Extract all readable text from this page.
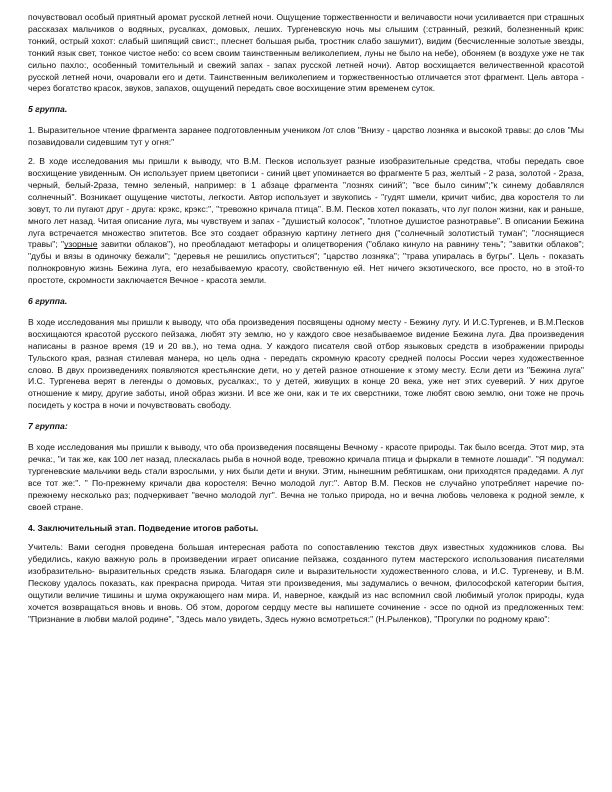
почувствовал особый приятный аромат русской летней ночи. Ощущение торжественности и величавости ночи усиливается при страшных рассказах мальчиков о водяных, русалках, домовых, леших. Тургеневскую ночь мы слышим (:странный, резкий, болезненный крик: тонкий, острый хохот: слабый шипящий свист:, плеснет большая рыба, тростник слабо зашумит), видим (бесчисленные золотые звезды, тонкий язык свет, тонкое чистое небо: со всем своим таинственным великолепием, луны не было на небе), обоняем (в воздухе уже не так сильно пахло:, особенный томительный и свежий запах - запах русской летней ночи). Автор восхищается величественной красотой русской летней ночи, очаровали его и дети. Таинственным великолепием и торжественностью отличается этот фрагмент. Цель автора - через богатство красок, звуков, запахов, ощущений передать свое восхищение этим временем суток.

5 группа.

1. Выразительное чтение фрагмента заранее подготовленным учеником /от слов "Внизу - царство лозняка и высокой травы: до слов "Мы позавидовали сидевшим тут у огня:"

2. В ходе исследования мы пришли к выводу, что В.М. Песков использует разные изобразительные средства, чтобы передать свое восхищение увиденным. Он использует прием цветописи - синий цвет упоминается во фрагменте 5 раз, желтый - 2 раза, золотой - 2раза, черный, белый-2раза, темно зеленый, например: в 1 абзаце фрагмента "лознях синий"; "все было синим";"к синему добавлялся солнечный". Возникает ощущение чистоты, легкости. Автор использует и звукопись - "гудят шмели, кричит чибис, два коростеля то ли зовут, то ли пугают друг - друга: крэкс, крэкс:", "тревожно кричала птица". В.М. Песков хотел показать, что луг полон жизни, как и раньше, много лет назад. Читая описание луга, мы чувствуем и запах - "душистый колосок", "плотное душистое разнотравье". В описании Бежина луга встречается множество эпитетов. Все это создает образную картину летнего дня ("солнечный золотистый туман"; "лоснящиеся травы"; "узорные завитки облаков"), но преобладают метафоры и олицетворения ("облако кинуло на равнину тень"; "завитки облаков"; "дубы и вязы в одиночку бежали"; "деревья не решились опуститься"; "царство лозняка"; "трава упиралась в бугры". Цель - показать полнокровную жизнь Бежина луга, его незабываемую красоту, свойственную ей. Нет ничего экзотического, все просто, но в этой-то простоте, скромности заключается Вечное - красота земли.

6 группа.

В ходе исследования мы пришли к выводу, что оба произведения посвящены одному месту - Бежину лугу. И И.С.Тургенев, и В.М.Песков восхищаются красотой русского пейзажа, любят эту землю, но у каждого свое незабываемое видение Бежина луга. Два произведения написаны в разное время (19 и 20 вв.), но тема одна. У каждого писателя свой отбор языковых средств в изображении природы Тульского края, разная стилевая манера, но цель одна - передать скромную красоту средней полосы России через художественное слово. В двух произведениях появляются крестьянские дети, но у детей разное отношение к этому месту. Если дети из "Бежина луга" И.С. Тургенева верят в легенды о домовых, русалках:, то у детей, живущих в конце 20 века, уже нет этих суеверий. У них другое отношение к миру, другие заботы, иной образ жизни. И все же они, как и те их сверстники, тоже любят свою землю, они тоже не прочь посидеть у костра в ночи и почувствовать свободу.

7 группа:

В ходе исследования мы пришли к выводу, что оба произведения посвящены Вечному - красоте природы. Так было всегда. Этот мир, эта речка:, "и так же, как 100 лет назад, плескалась рыба в ночной воде, тревожно кричала птица и фыркали в темноте лошади". "Я подумал: тургеневские мальчики ведь стали взрослыми, у них были дети и внуки. Этим, нынешним ребятишкам, они приходятся прадедами. А луг все тот же:". " По-прежнему кричали два коростеля: Вечно молодой луг:". Автор В.М. Песков не случайно употребляет наречие по-прежнему несколько раз; подчеркивает "вечно молодой луг". Вечна не только природа, но и вечна любовь человека к родной земле, к своей стране.

4. Заключительный этап. Подведение итогов работы.

Учитель: Вами сегодня проведена большая интересная работа по сопоставлению текстов двух известных художников слова. Вы убедились, какую важную роль в произведении играет описание пейзажа, созданного путем мастерского использования писателями изобразительно- выразительных средств языка. Благодаря силе и выразительности художественного слова, и И.С. Тургеневу, и В.М. Пескову удалось показать, как прекрасна природа. Читая эти произведения, мы задумались о вечном, философской категории бытия, ощутили величие тишины и шума окружающего нам мира. И, наверное, каждый из нас вспомнил свой любимый уголок природы, куда хочется возвращаться вновь и вновь. Об этом, дорогом сердцу месте вы напишете сочинение - эссе по одной из предложенных тем: "Признание в любви малой родине", "Здесь мало увидеть, Здесь нужно всмотреться:" (Н.Рыленков), "Прогулки по родному краю":
